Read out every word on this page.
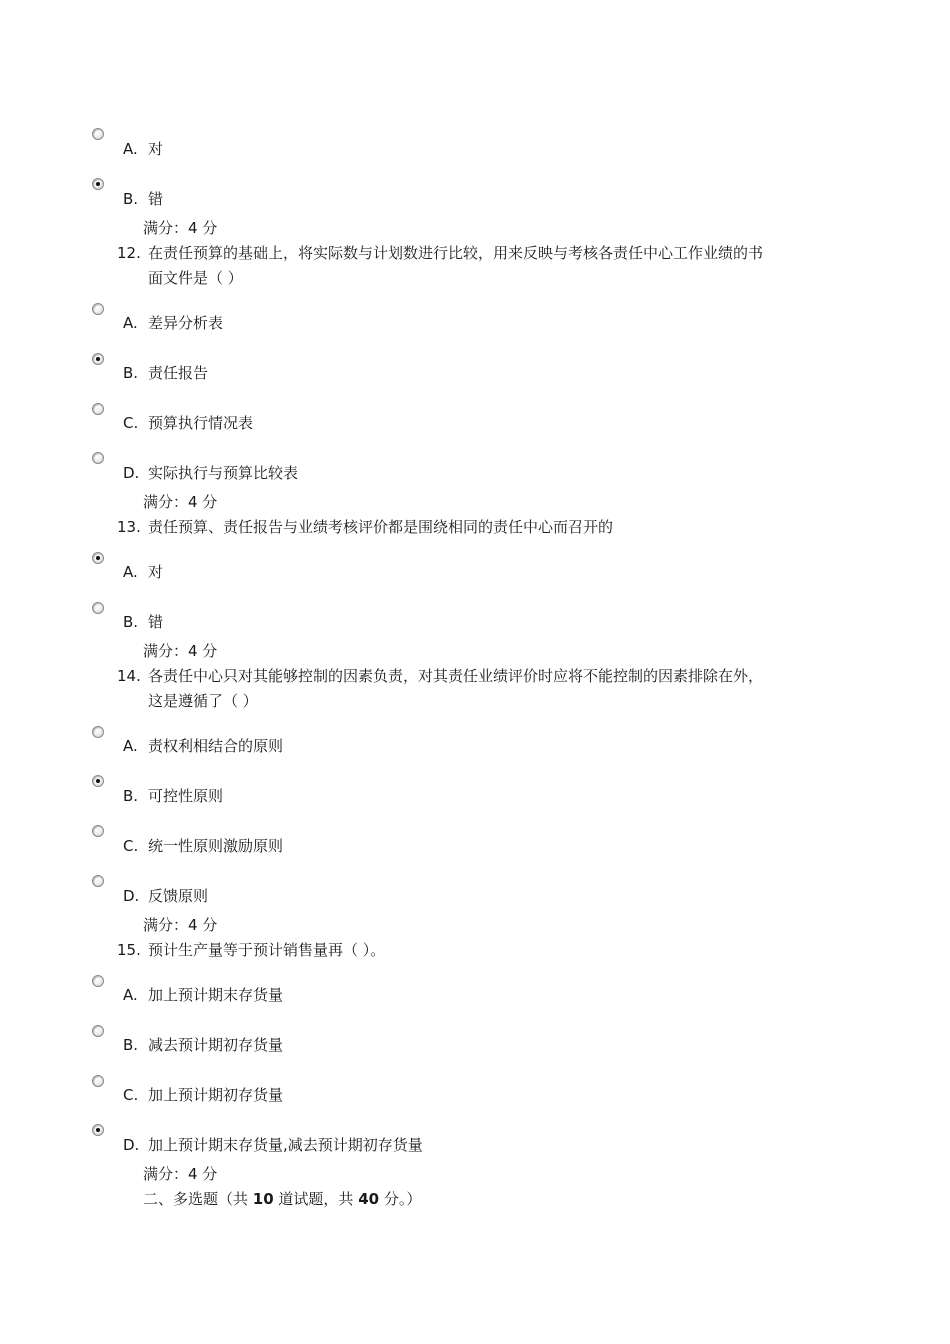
A. 对
B. 错
满分：4 分
12. 在责任预算的基础上，将实际数与计划数进行比较，用来反映与考核各责任中心工作业绩的书
面文件是（ ）
A. 差异分析表
B. 责任报告
C. 预算执行情况表
D. 实际执行与预算比较表
满分：4 分
13. 责任预算、责任报告与业绩考核评价都是围绕相同的责任中心而召开的
A. 对
B. 错
满分：4 分
14. 各责任中心只对其能够控制的因素负责，对其责任业绩评价时应将不能控制的因素排除在外，
这是遵循了（ ）
A. 责权利相结合的原则
B. 可控性原则
C. 统一性原则激励原则
D. 反馈原则
满分：4 分
15. 预计生产量等于预计销售量再（ ）。
A. 加上预计期末存货量
B. 减去预计期初存货量
C. 加上预计期初存货量
D. 加上预计期末存货量,减去预计期初存货量
满分：4 分
二、多选题（共 10 道试题，共 40 分。）
